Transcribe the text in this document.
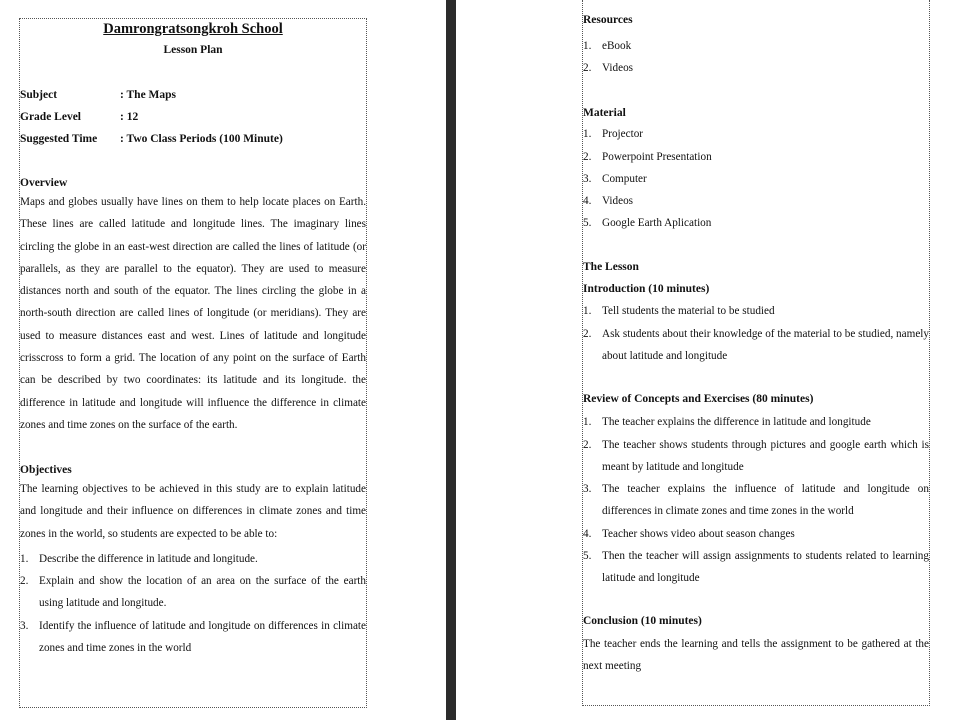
Damrongratsongkroh School
Lesson Plan
Subject	: The Maps
Grade Level	: 12
Suggested Time : Two Class Periods (100 Minute)
Overview
Maps and globes usually have lines on them to help locate places on Earth. These lines are called latitude and longitude lines. The imaginary lines circling the globe in an east-west direction are called the lines of latitude (or parallels, as they are parallel to the equator). They are used to measure distances north and south of the equator. The lines circling the globe in a north-south direction are called lines of longitude (or meridians). They are used to measure distances east and west. Lines of latitude and longitude crisscross to form a grid. The location of any point on the surface of Earth can be described by two coordinates: its latitude and its longitude. the difference in latitude and longitude will influence the difference in climate zones and time zones on the surface of the earth.
Objectives
The learning objectives to be achieved in this study are to explain latitude and longitude and their influence on differences in climate zones and time zones in the world, so students are expected to be able to:
1. Describe the difference in latitude and longitude.
2. Explain and show the location of an area on the surface of the earth using latitude and longitude.
3. Identify the influence of latitude and longitude on differences in climate zones and time zones in the world
Resources
1. eBook
2. Videos
Material
1. Projector
2. Powerpoint Presentation
3. Computer
4. Videos
5. Google Earth Aplication
The Lesson
Introduction (10 minutes)
1. Tell students the material to be studied
2. Ask students about their knowledge of the material to be studied, namely about latitude and longitude
Review of Concepts and Exercises (80 minutes)
1. The teacher explains the difference in latitude and longitude
2. The teacher shows students through pictures and google earth which is meant by latitude and longitude
3. The teacher explains the influence of latitude and longitude on differences in climate zones and time zones in the world
4. Teacher shows video about season changes
5. Then the teacher will assign assignments to students related to learning latitude and longitude
Conclusion (10 minutes)
The teacher ends the learning and tells the assignment to be gathered at the next meeting
